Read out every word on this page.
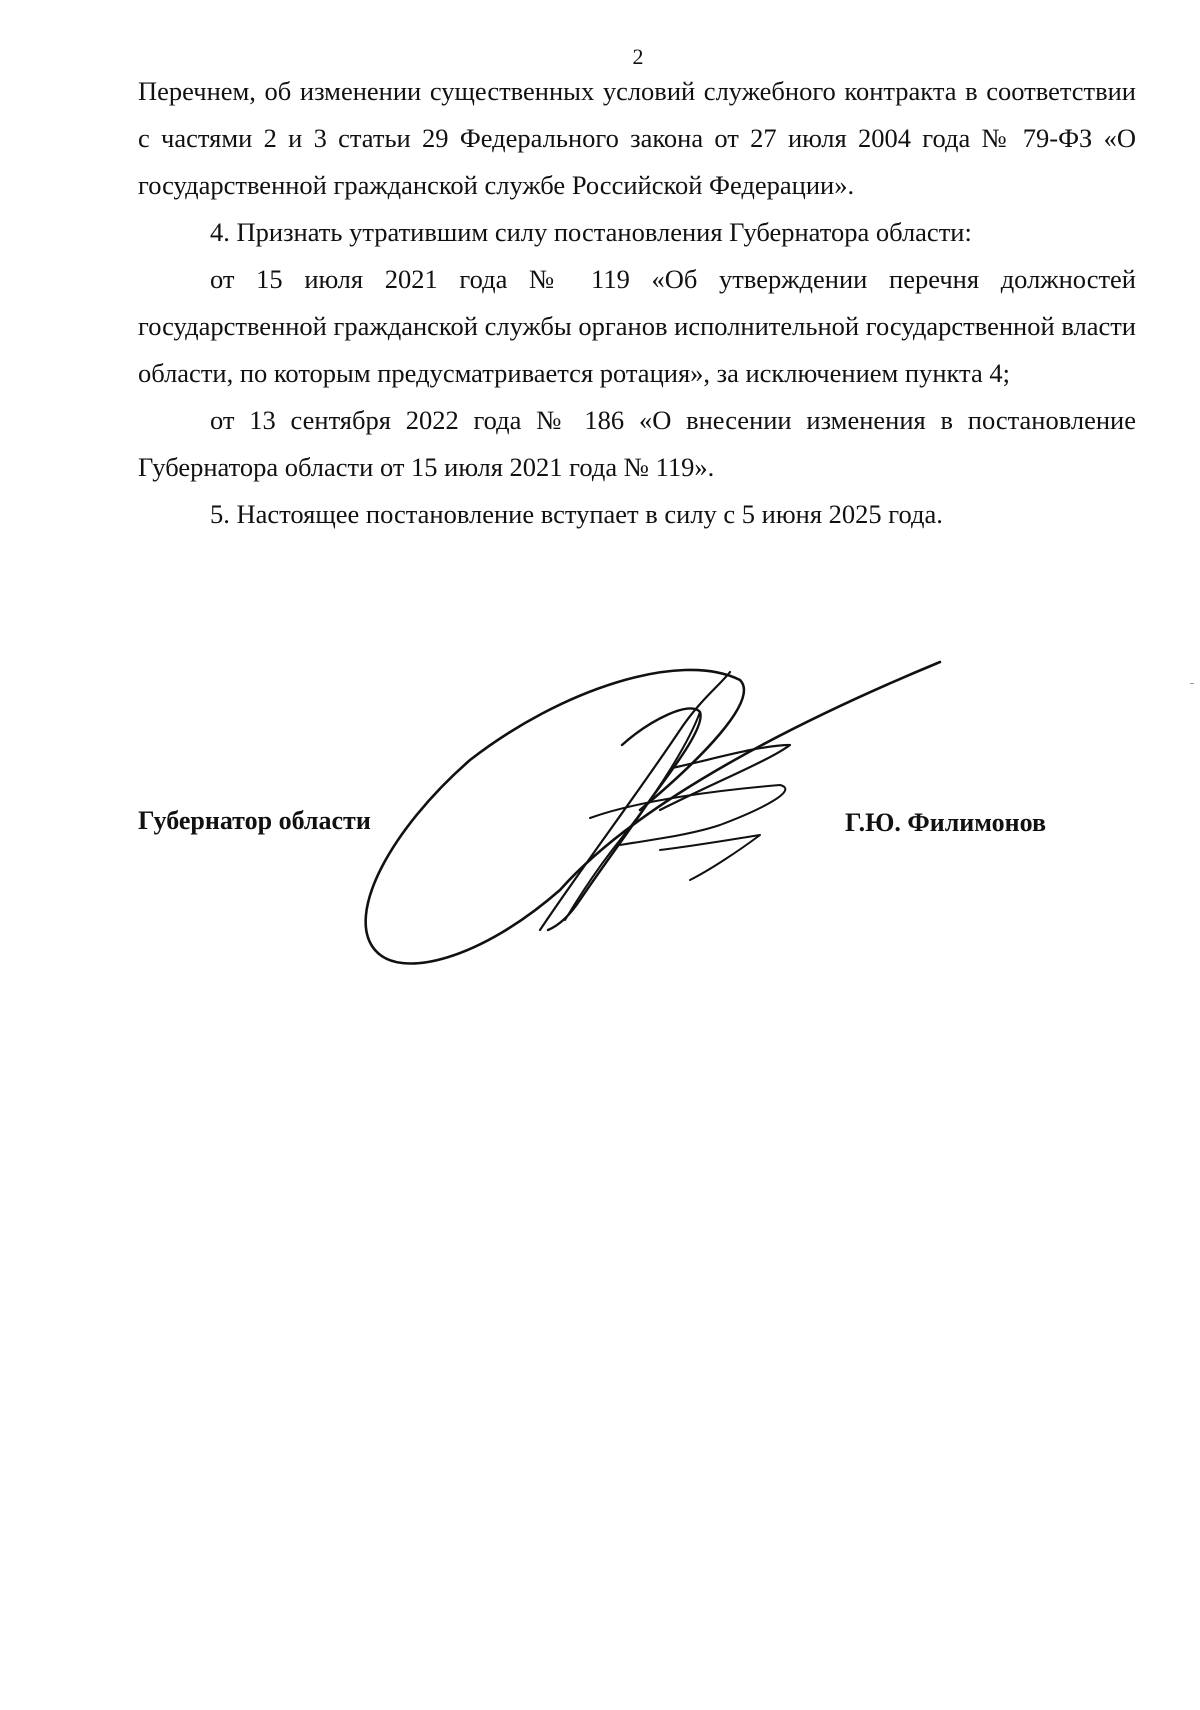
2

Перечнем, об изменении существенных условий служебного контракта в соответствии с частями 2 и 3 статьи 29 Федерального закона от 27 июля 2004 года № 79-ФЗ «О государственной гражданской службе Российской Федерации».

4. Признать утратившим силу постановления Губернатора области:

от 15 июля 2021 года № 119 «Об утверждении перечня должностей государственной гражданской службы органов исполнительной государственной власти области, по которым предусматривается ротация», за исключением пункта 4;

от 13 сентября 2022 года № 186 «О внесении изменения в постановление Губернатора области от 15 июля 2021 года № 119».

5. Настоящее постановление вступает в силу с 5 июня 2025 года.

Губернатор области	Г.Ю. Филимонов
